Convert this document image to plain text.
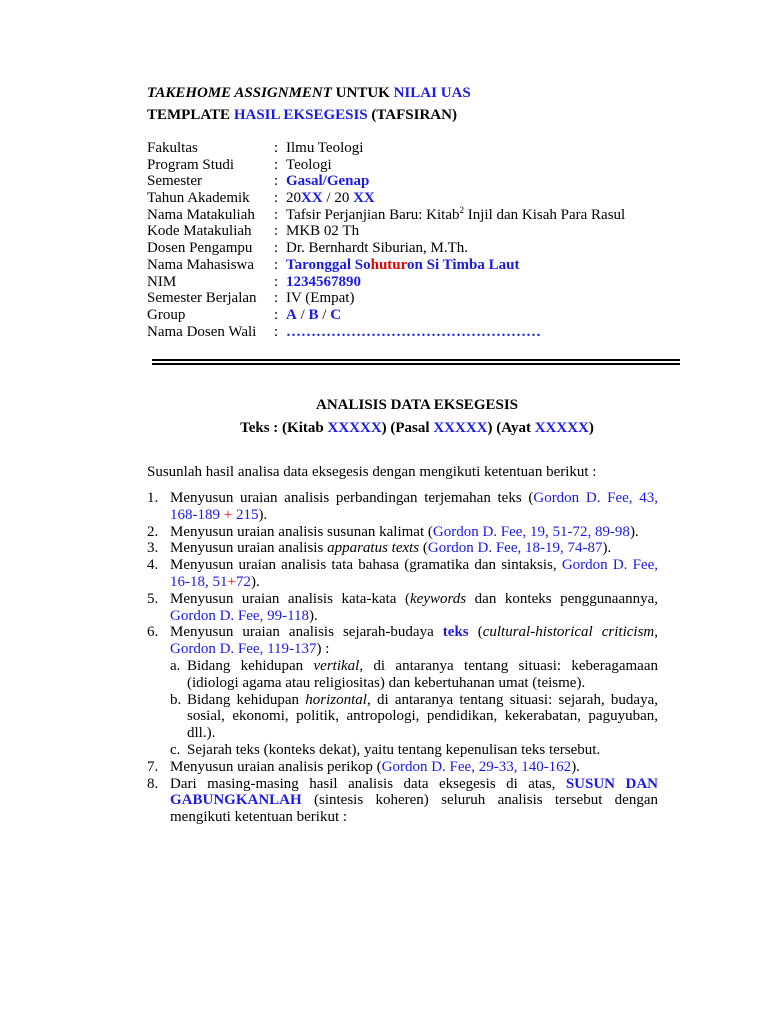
TAKEHOME ASSIGNMENT UNTUK NILAI UAS
TEMPLATE HASIL EKSEGESIS (TAFSIRAN)
Fakultas	: Ilmu Teologi
Program Studi	: Teologi
Semester	: Gasal/Genap
Tahun Akademik : 20XX / 20 XX
Nama Matakuliah : Tafsir Perjanjian Baru: Kitab$^2$ Injil dan Kisah Para Rasul
Kode Matakuliah : MKB 02 Th
Dosen Pengampu : Dr. Bernhardt Siburian, M.Th.
Nama Mahasiswa : Taronggal Sohuturon Si Timba Laut
NIM	: 1234567890
Semester Berjalan : IV (Empat)
Group	: A / B / C
Nama Dosen Wali : ……………………………………………
ANALISIS DATA EKSEGESIS
Teks : (Kitab XXXXX) (Pasal XXXXX) (Ayat XXXXX)
Susunlah hasil analisa data eksegesis dengan mengikuti ketentuan berikut :
1. Menyusun uraian analisis perbandingan terjemahan teks (Gordon D. Fee, 43, 168-189 + 215).
2. Menyusun uraian analisis susunan kalimat (Gordon D. Fee, 19, 51-72, 89-98).
3. Menyusun uraian analisis apparatus texts (Gordon D. Fee, 18-19, 74-87).
4. Menyusun uraian analisis tata bahasa (gramatika dan sintaksis, Gordon D. Fee, 16-18, 51+72).
5. Menyusun uraian analisis kata-kata (keywords dan konteks penggunaannya, Gordon D. Fee, 99-118).
6. Menyusun uraian analisis sejarah-budaya teks (cultural-historical criticism, Gordon D. Fee, 119-137) :
a. Bidang kehidupan vertikal, di antaranya tentang situasi: keberagamaan (idiologi agama atau religiositas) dan kebertuhanan umat (teisme).
b. Bidang kehidupan horizontal, di antaranya tentang situasi: sejarah, budaya, sosial, ekonomi, politik, antropologi, pendidikan, kekerabatan, paguyuban, dll.).
c. Sejarah teks (konteks dekat), yaitu tentang kepenulisan teks tersebut.
7. Menyusun uraian analisis perikop (Gordon D. Fee, 29-33, 140-162).
8. Dari masing-masing hasil analisis data eksegesis di atas, SUSUN DAN GABUNGKANLAH (sintesis koheren) seluruh analisis tersebut dengan mengikuti ketentuan berikut :
